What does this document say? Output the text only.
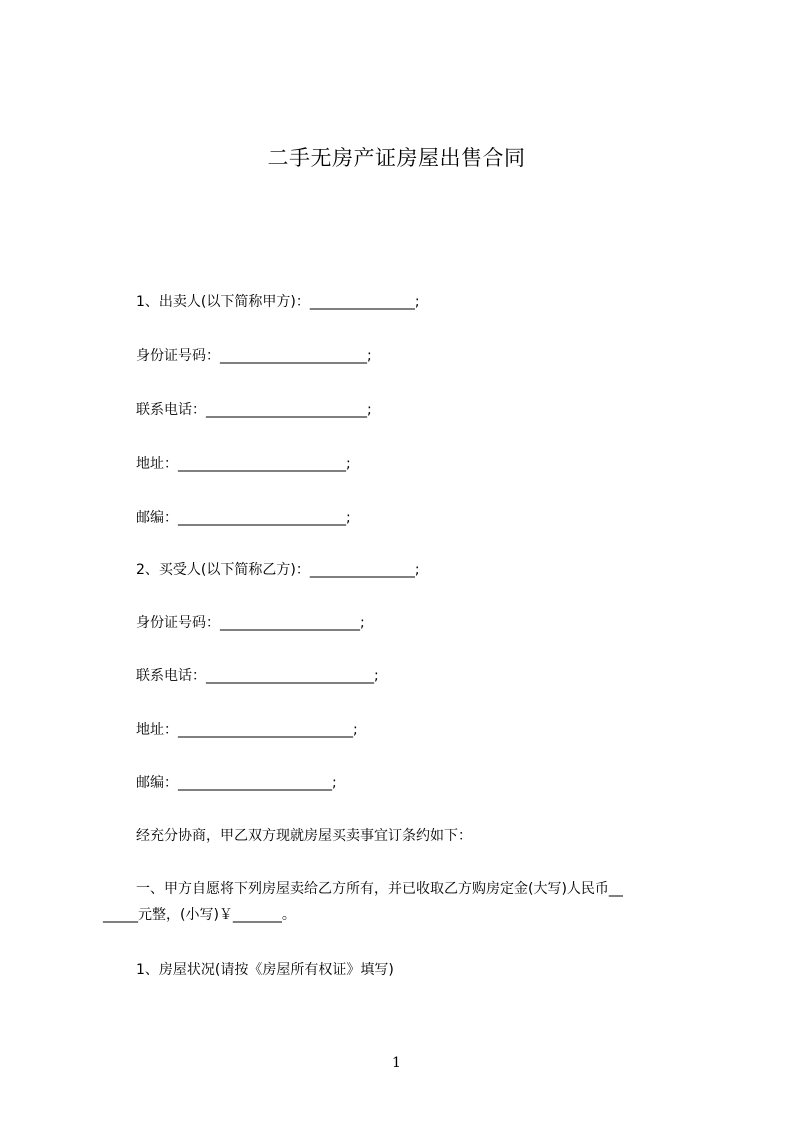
二手无房产证房屋出售合同
1、出卖人(以下简称甲方)：_______________;
身份证号码：_____________________;
联系电话：_______________________;
地址：________________________;
邮编：________________________;
2、买受人(以下简称乙方)：_______________;
身份证号码：____________________;
联系电话：________________________;
地址：_________________________;
邮编：______________________;
经充分协商，甲乙双方现就房屋买卖事宜订条约如下：
一、甲方自愿将下列房屋卖给乙方所有，并已收取乙方购房定金(大写)人民币__
_____元整，(小写)￥_______。
1、房屋状况(请按《房屋所有权证》填写)
1
